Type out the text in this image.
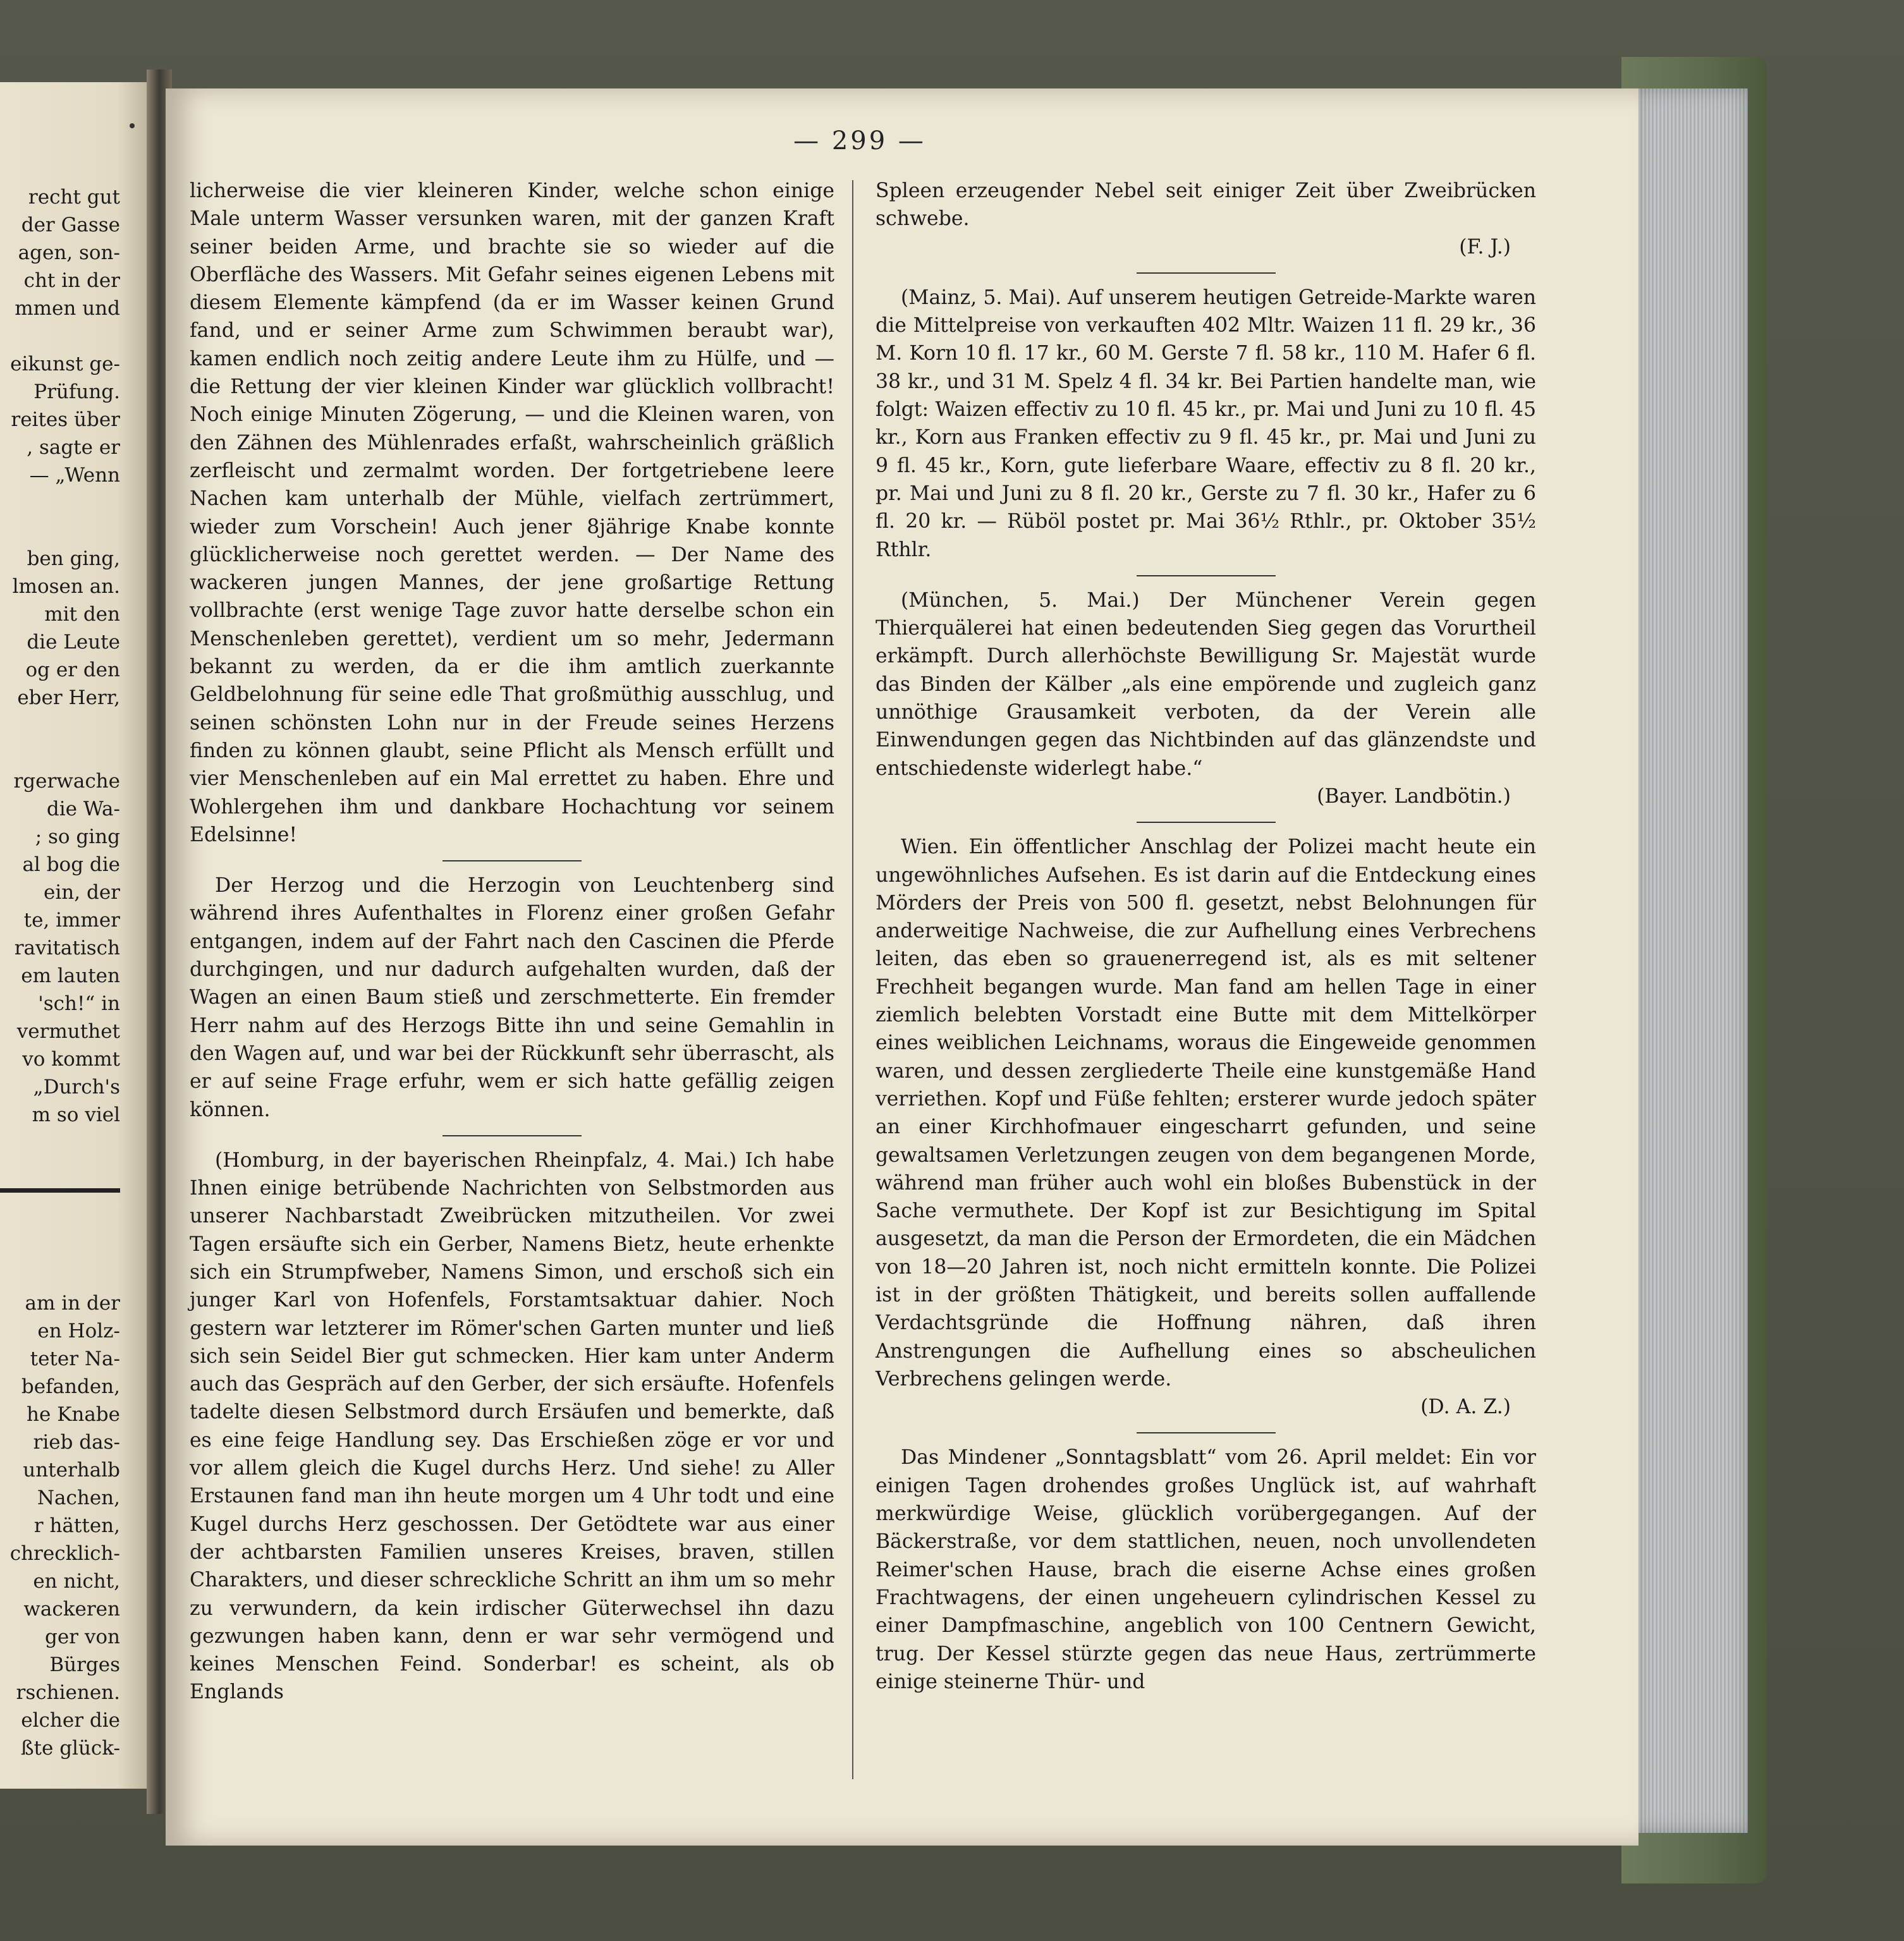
recht gut
der Gasse
agen, son-
cht in der
mmen und
eikunst ge-
Prüfung.
reites über
, sagte er
— „Wenn
ben ging,
lmosen an.
mit den
die Leute
og er den
eber Herr,
rgerwache
die Wa-
; so ging
al bog die
ein, der
te, immer
ravitatisch
em lauten
'sch!“ in
vermuthet
vo kommt
„Durch's
m so viel
am in der
en Holz-
teter Na-
befanden,
he Knabe
rieb das-
unterhalb
Nachen,
r hätten,
chrecklich-
en nicht,
wackeren
ger von
Bürges
rschienen.
elcher die
ßte glück-
— 299 —

licherweise die vier kleineren Kinder, welche schon einige Male unterm Wasser versunken waren, mit der ganzen Kraft seiner beiden Arme, und brachte sie so wieder auf die Oberfläche des Wassers. Mit Gefahr seines eigenen Lebens mit diesem Elemente kämpfend (da er im Wasser keinen Grund fand, und er seiner Arme zum Schwimmen beraubt war), kamen endlich noch zeitig andere Leute ihm zu Hülfe, und — die Rettung der vier kleinen Kinder war glücklich vollbracht! Noch einige Minuten Zögerung, — und die Kleinen waren, von den Zähnen des Mühlenrades erfaßt, wahrscheinlich gräßlich zerfleischt und zermalmt worden. Der fortgetriebene leere Nachen kam unterhalb der Mühle, vielfach zertrümmert, wieder zum Vorschein! Auch jener 8jährige Knabe konnte glücklicherweise noch gerettet werden. — Der Name des wackeren jungen Mannes, der jene großartige Rettung vollbrachte (erst wenige Tage zuvor hatte derselbe schon ein Menschenleben gerettet), verdient um so mehr, Jedermann bekannt zu werden, da er die ihm amtlich zuerkannte Geldbelohnung für seine edle That großmüthig ausschlug, und seinen schönsten Lohn nur in der Freude seines Herzens finden zu können glaubt, seine Pflicht als Mensch erfüllt und vier Menschenleben auf ein Mal errettet zu haben. Ehre und Wohlergehen ihm und dankbare Hochachtung vor seinem Edelsinne!

Der Herzog und die Herzogin von Leuchtenberg sind während ihres Aufenthaltes in Florenz einer großen Gefahr entgangen, indem auf der Fahrt nach den Cascinen die Pferde durchgingen, und nur dadurch aufgehalten wurden, daß der Wagen an einen Baum stieß und zerschmetterte. Ein fremder Herr nahm auf des Herzogs Bitte ihn und seine Gemahlin in den Wagen auf, und war bei der Rückkunft sehr überrascht, als er auf seine Frage erfuhr, wem er sich hatte gefällig zeigen können.

(Homburg, in der bayerischen Rheinpfalz, 4. Mai.) Ich habe Ihnen einige betrübende Nachrichten von Selbstmorden aus unserer Nachbarstadt Zweibrücken mitzutheilen. Vor zwei Tagen ersäufte sich ein Gerber, Namens Bietz, heute erhenkte sich ein Strumpfweber, Namens Simon, und erschoß sich ein junger Karl von Hofenfels, Forstamtsaktuar dahier. Noch gestern war letzterer im Römer'schen Garten munter und ließ sich sein Seidel Bier gut schmecken. Hier kam unter Anderm auch das Gespräch auf den Gerber, der sich ersäufte. Hofenfels tadelte diesen Selbstmord durch Ersäufen und bemerkte, daß es eine feige Handlung sey. Das Erschießen zöge er vor und vor allem gleich die Kugel durchs Herz. Und siehe! zu Aller Erstaunen fand man ihn heute morgen um 4 Uhr todt und eine Kugel durchs Herz geschossen. Der Getödtete war aus einer der achtbarsten Familien unseres Kreises, braven, stillen Charakters, und dieser schreckliche Schritt an ihm um so mehr zu verwundern, da kein irdischer Güterwechsel ihn dazu gezwungen haben kann, denn er war sehr vermögend und keines Menschen Feind. Sonderbar! es scheint, als ob Englands

Spleen erzeugender Nebel seit einiger Zeit über Zweibrücken schwebe.

(F. J.)

(Mainz, 5. Mai). Auf unserem heutigen Getreide-Markte waren die Mittelpreise von verkauften 402 Mltr. Waizen 11 fl. 29 kr., 36 M. Korn 10 fl. 17 kr., 60 M. Gerste 7 fl. 58 kr., 110 M. Hafer 6 fl. 38 kr., und 31 M. Spelz 4 fl. 34 kr. Bei Partien handelte man, wie folgt: Waizen effectiv zu 10 fl. 45 kr., pr. Mai und Juni zu 10 fl. 45 kr., Korn aus Franken effectiv zu 9 fl. 45 kr., pr. Mai und Juni zu 9 fl. 45 kr., Korn, gute lieferbare Waare, effectiv zu 8 fl. 20 kr., pr. Mai und Juni zu 8 fl. 20 kr., Gerste zu 7 fl. 30 kr., Hafer zu 6 fl. 20 kr. — Rüböl postet pr. Mai 36½ Rthlr., pr. Oktober 35½ Rthlr.

(München, 5. Mai.) Der Münchener Verein gegen Thierquälerei hat einen bedeutenden Sieg gegen das Vorurtheil erkämpft. Durch allerhöchste Bewilligung Sr. Majestät wurde das Binden der Kälber „als eine empörende und zugleich ganz unnöthige Grausamkeit verboten, da der Verein alle Einwendungen gegen das Nichtbinden auf das glänzendste und entschiedenste widerlegt habe.“

(Bayer. Landbötin.)

Wien. Ein öffentlicher Anschlag der Polizei macht heute ein ungewöhnliches Aufsehen. Es ist darin auf die Entdeckung eines Mörders der Preis von 500 fl. gesetzt, nebst Belohnungen für anderweitige Nachweise, die zur Aufhellung eines Verbrechens leiten, das eben so grauenerregend ist, als es mit seltener Frechheit begangen wurde. Man fand am hellen Tage in einer ziemlich belebten Vorstadt eine Butte mit dem Mittelkörper eines weiblichen Leichnams, woraus die Eingeweide genommen waren, und dessen zergliederte Theile eine kunstgemäße Hand verriethen. Kopf und Füße fehlten; ersterer wurde jedoch später an einer Kirchhofmauer eingescharrt gefunden, und seine gewaltsamen Verletzungen zeugen von dem begangenen Morde, während man früher auch wohl ein bloßes Bubenstück in der Sache vermuthete. Der Kopf ist zur Besichtigung im Spital ausgesetzt, da man die Person der Ermordeten, die ein Mädchen von 18—20 Jahren ist, noch nicht ermitteln konnte. Die Polizei ist in der größten Thätigkeit, und bereits sollen auffallende Verdachtsgründe die Hoffnung nähren, daß ihren Anstrengungen die Aufhellung eines so abscheulichen Verbrechens gelingen werde.

(D. A. Z.)

Das Mindener „Sonntagsblatt“ vom 26. April meldet: Ein vor einigen Tagen drohendes großes Unglück ist, auf wahrhaft merkwürdige Weise, glücklich vorübergegangen. Auf der Bäckerstraße, vor dem stattlichen, neuen, noch unvollendeten Reimer'schen Hause, brach die eiserne Achse eines großen Frachtwagens, der einen ungeheuern cylindrischen Kessel zu einer Dampfmaschine, angeblich von 100 Centnern Gewicht, trug. Der Kessel stürzte gegen das neue Haus, zertrümmerte einige steinerne Thür- und
